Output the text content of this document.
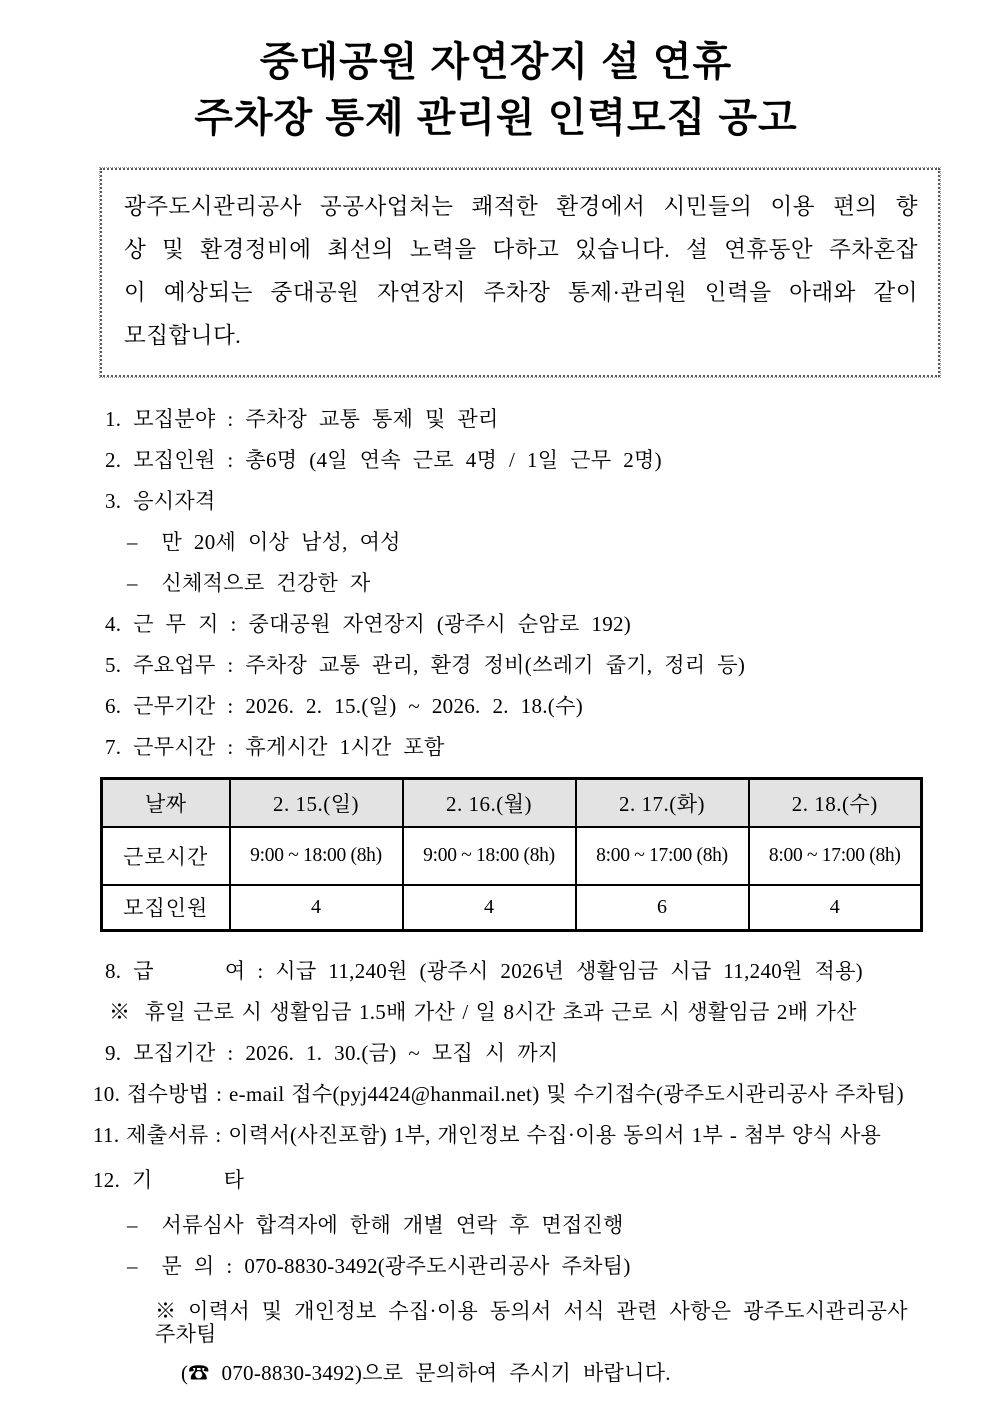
중대공원 자연장지 설 연휴
주차장 통제 관리원 인력모집 공고
광주도시관리공사 공공사업처는 쾌적한 환경에서 시민들의 이용 편의 향상 및 환경정비에 최선의 노력을 다하고 있습니다. 설 연휴동안 주차혼잡이 예상되는 중대공원 자연장지 주차장 통제·관리원 인력을 아래와 같이 모집합니다.
1. 모집분야 : 주차장 교통 통제 및 관리
2. 모집인원 : 총6명 (4일 연속 근로 4명 / 1일 근무 2명)
3. 응시자격
–  만 20세 이상 남성, 여성
–  신체적으로 건강한 자
4. 근 무 지 : 중대공원 자연장지 (광주시 순암로 192)
5. 주요업무 : 주차장 교통 관리, 환경 정비(쓰레기 줍기, 정리 등)
6. 근무기간 : 2026. 2. 15.(일) ~ 2026. 2. 18.(수)
7. 근무시간 : 휴게시간 1시간 포함
날짜	2. 15.(일)	2. 16.(월)	2. 17.(화)	2. 18.(수)
근로시간	9:00 ~ 18:00 (8h)	9:00 ~ 18:00 (8h)	8:00 ~ 17:00 (8h)	8:00 ~ 17:00 (8h)
모집인원	4	4	6	4
8. 급      여 : 시급 11,240원 (광주시 2026년 생활임금 시급 11,240원 적용)
※  휴일 근로 시 생활임금 1.5배 가산 / 일 8시간 초과 근로 시 생활임금 2배 가산
9. 모집기간 : 2026. 1. 30.(금) ~ 모집 시 까지
10. 접수방법 : e-mail 접수(pyj4424@hanmail.net) 및 수기접수(광주도시관리공사 주차팀)
11. 제출서류 : 이력서(사진포함) 1부, 개인정보 수집·이용 동의서 1부 - 첨부 양식 사용
12. 기      타
–  서류심사 합격자에 한해 개별 연락 후 면접진행
–  문 의 : 070-8830-3492(광주도시관리공사 주차팀)
※ 이력서 및 개인정보 수집·이용 동의서 서식 관련 사항은 광주도시관리공사 주차팀
(☎ 070-8830-3492)으로 문의하여 주시기 바랍니다.
